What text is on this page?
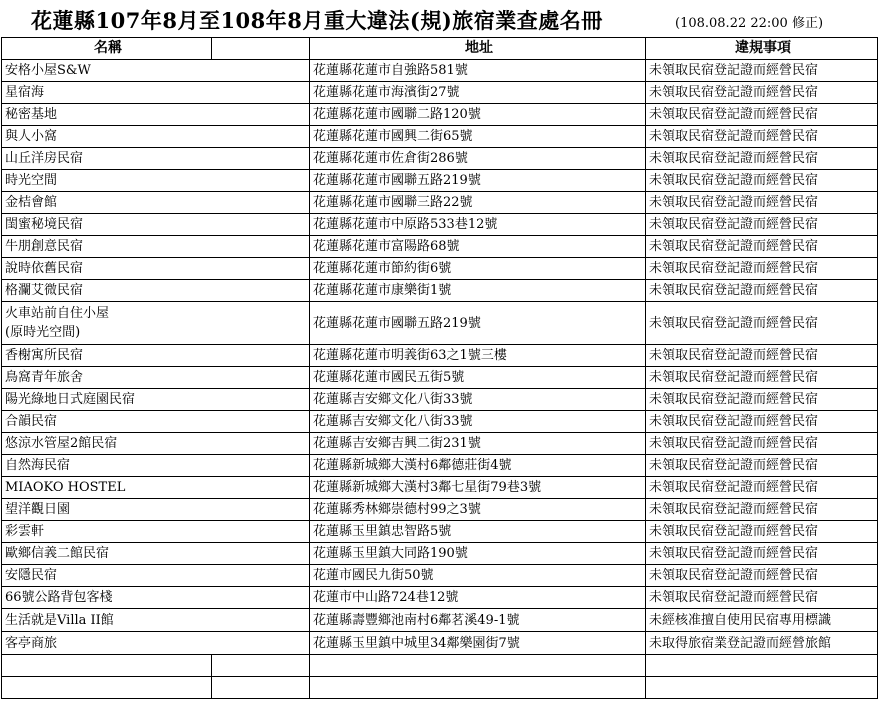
花蓮縣107年8月至108年8月重大違法(規)旅宿業查處名冊	(108.08.22 22:00 修正)
名稱		地址	違規事項
安格小屋S&W		花蓮縣花蓮市自強路581號	未領取民宿登記證而經營民宿
星宿海		花蓮縣花蓮市海濱街27號	未領取民宿登記證而經營民宿
秘密基地		花蓮縣花蓮市國聯二路120號	未領取民宿登記證而經營民宿
與人小窩		花蓮縣花蓮市國興二街65號	未領取民宿登記證而經營民宿
山丘洋房民宿		花蓮縣花蓮市佐倉街286號	未領取民宿登記證而經營民宿
時光空間		花蓮縣花蓮市國聯五路219號	未領取民宿登記證而經營民宿
金桔會館		花蓮縣花蓮市國聯三路22號	未領取民宿登記證而經營民宿
閨蜜秘境民宿		花蓮縣花蓮市中原路533巷12號	未領取民宿登記證而經營民宿
牛朋創意民宿		花蓮縣花蓮市富陽路68號	未領取民宿登記證而經營民宿
說時依舊民宿		花蓮縣花蓮市節約街6號	未領取民宿登記證而經營民宿
格瀾艾微民宿		花蓮縣花蓮市康樂街1號	未領取民宿登記證而經營民宿
火車站前自住小屋
(原時光空間)		花蓮縣花蓮市國聯五路219號	未領取民宿登記證而經營民宿
香榭寓所民宿		花蓮縣花蓮市明義街63之1號三樓	未領取民宿登記證而經營民宿
鳥窩青年旅舍		花蓮縣花蓮市國民五街5號	未領取民宿登記證而經營民宿
陽光綠地日式庭園民宿		花蓮縣吉安鄉文化八街33號	未領取民宿登記證而經營民宿
合韻民宿		花蓮縣吉安鄉文化八街33號	未領取民宿登記證而經營民宿
悠涼水管屋2館民宿		花蓮縣吉安鄉吉興二街231號	未領取民宿登記證而經營民宿
自然海民宿		花蓮縣新城鄉大漢村6鄰德莊街4號	未領取民宿登記證而經營民宿
MIAOKO HOSTEL		花蓮縣新城鄉大漢村3鄰七星街79巷3號	未領取民宿登記證而經營民宿
望洋觀日園		花蓮縣秀林鄉崇德村99之3號	未領取民宿登記證而經營民宿
彩雲軒		花蓮縣玉里鎮忠智路5號	未領取民宿登記證而經營民宿
歐鄉信義二館民宿		花蓮縣玉里鎮大同路190號	未領取民宿登記證而經營民宿
安隱民宿		花蓮市國民九街50號	未領取民宿登記證而經營民宿
66號公路背包客棧		花蓮市中山路724巷12號	未領取民宿登記證而經營民宿
生活就是Villa II館		花蓮縣壽豐鄉池南村6鄰茗溪49-1號	未經核准擅自使用民宿專用標識
客亭商旅		花蓮縣玉里鎮中城里34鄰樂園街7號	未取得旅宿業登記證而經營旅館
